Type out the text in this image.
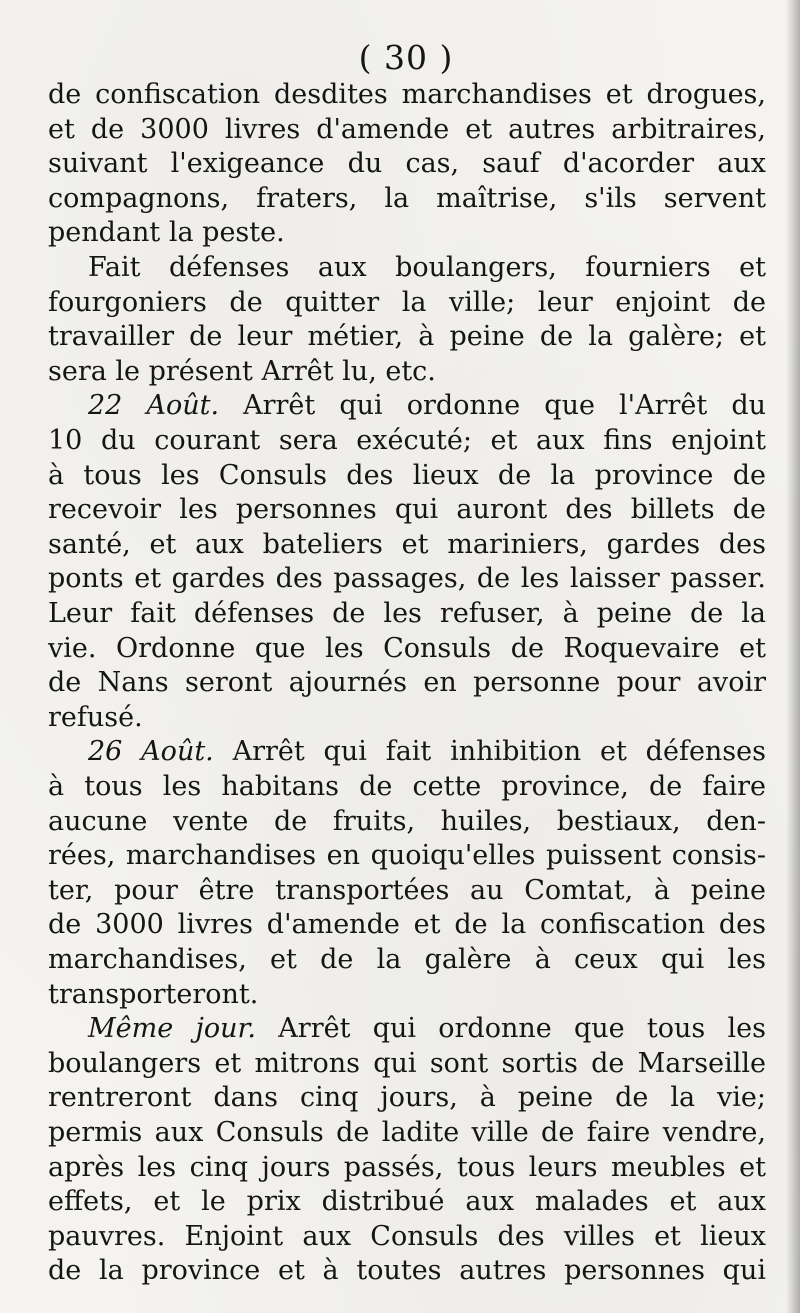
( 30 )
de confiscation desdites marchandises et drogues,
et de 3000 livres d'amende et autres arbitraires,
suivant l'exigeance du cas, sauf d'acorder aux
compagnons, fraters, la maîtrise, s'ils servent
pendant la peste.
Fait défenses aux boulangers, fourniers et
fourgoniers de quitter la ville; leur enjoint de
travailler de leur métier, à peine de la galère; et
sera le présent Arrêt lu, etc.
22 Août. Arrêt qui ordonne que l'Arrêt du
10 du courant sera exécuté; et aux fins enjoint
à tous les Consuls des lieux de la province de
recevoir les personnes qui auront des billets de
santé, et aux bateliers et mariniers, gardes des
ponts et gardes des passages, de les laisser passer.
Leur fait défenses de les refuser, à peine de la
vie. Ordonne que les Consuls de Roquevaire et
de Nans seront ajournés en personne pour avoir
refusé.
26 Août. Arrêt qui fait inhibition et défenses
à tous les habitans de cette province, de faire
aucune vente de fruits, huiles, bestiaux, den-
rées, marchandises en quoiqu'elles puissent consis-
ter, pour être transportées au Comtat, à peine
de 3000 livres d'amende et de la confiscation des
marchandises, et de la galère à ceux qui les
transporteront.
Même jour. Arrêt qui ordonne que tous les
boulangers et mitrons qui sont sortis de Marseille
rentreront dans cinq jours, à peine de la vie;
permis aux Consuls de ladite ville de faire vendre,
après les cinq jours passés, tous leurs meubles et
effets, et le prix distribué aux malades et aux
pauvres. Enjoint aux Consuls des villes et lieux
de la province et à toutes autres personnes qui
